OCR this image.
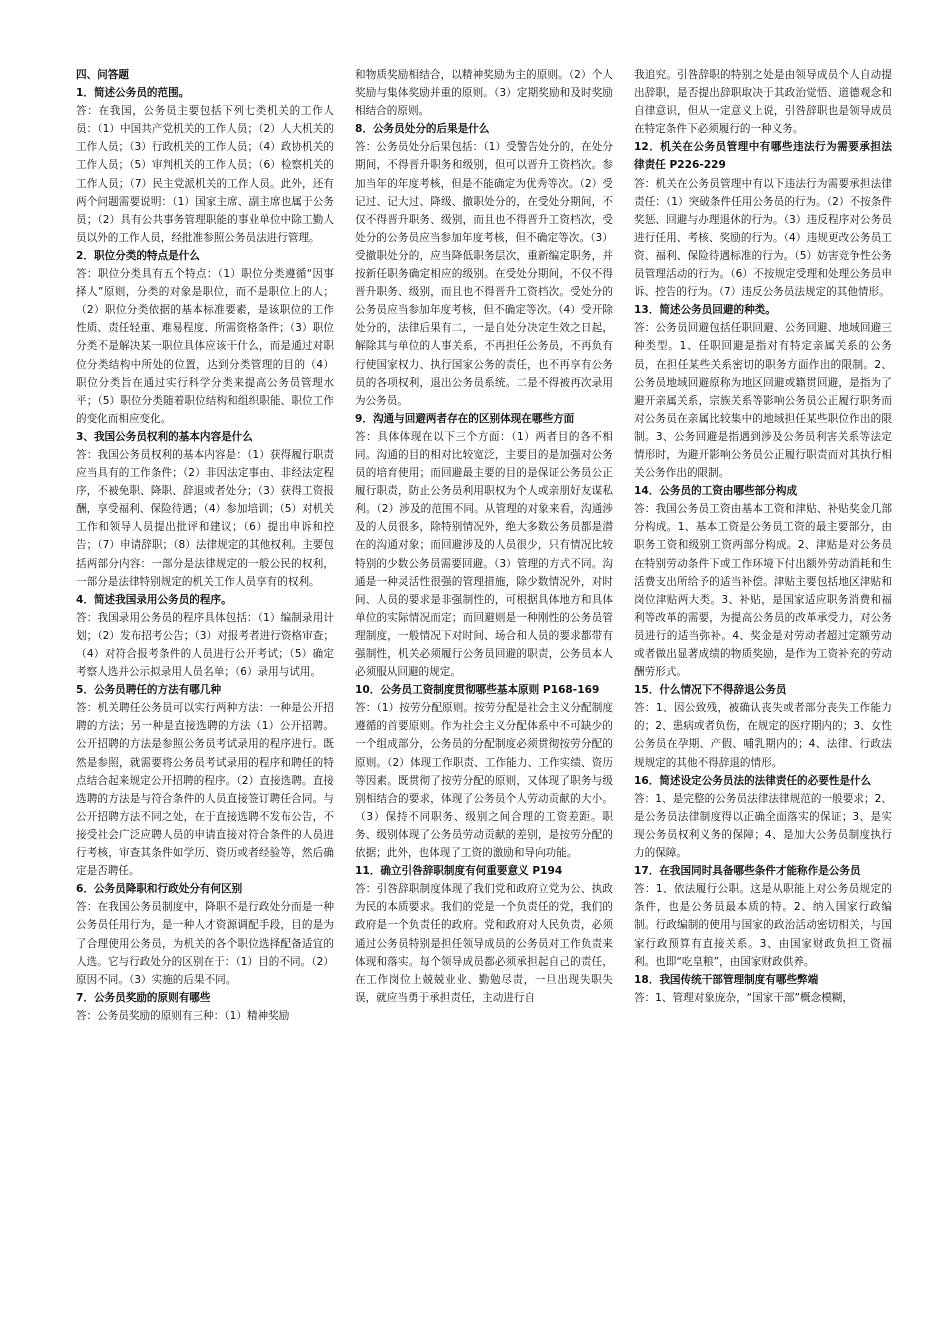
四、问答题

1．简述公务员的范围。

答：在我国，公务员主要包括下列七类机关的工作人员：（1）中国共产党机关的工作人员；（2）人大机关的工作人员；（3）行政机关的工作人员；（4）政协机关的工作人员；（5）审判机关的工作人员；（6）检察机关的工作人员；（7）民主党派机关的工作人员。此外，还有两个问题需要说明：（1）国家主席、副主席也属于公务员；（2）具有公共事务管理职能的事业单位中除工勤人员以外的工作人员，经批准参照公务员法进行管理。

2．职位分类的特点是什么

答：职位分类具有五个特点：（1）职位分类遵循“因事择人”原则，分类的对象是职位，而不是职位上的人；（2）职位分类依据的基本标准要素，是该职位的工作性质、责任轻重、难易程度、所需资格条件；（3）职位分类不是解决某一职位具体应该干什么，而是通过对职位分类结构中所处的位置，达到分类管理的目的（4）职位分类旨在通过实行科学分类来提高公务员管理水平；（5）职位分类随着职位结构和组织职能、职位工作的变化而相应变化。

3、我国公务员权利的基本内容是什么

答：我国公务员权利的基本内容是：（1）获得履行职责应当具有的工作条件；（2）非因法定事由、非经法定程序，不被免职、降职、辞退或者处分；（3）获得工资报酬，享受福利、保险待遇；（4）参加培训；（5）对机关工作和领导人员提出批评和建议；（6）提出申诉和控告；（7）申请辞职；（8）法律规定的其他权利。主要包括两部分内容：一部分是法律规定的一般公民的权利，一部分是法律特别规定的机关工作人员享有的权利。

4．简述我国录用公务员的程序。

答：我国录用公务员的程序具体包括：（1）编制录用计划；（2）发布招考公告；（3）对报考者进行资格审查；（4）对符合报考条件的人员进行公开考试；（5）确定考察人选并公示拟录用人员名单；（6）录用与试用。

5．公务员聘任的方法有哪几种

答：机关聘任公务员可以实行两种方法：一种是公开招聘的方法；另一种是直接选聘的方法（1）公开招聘。公开招聘的方法是参照公务员考试录用的程序进行。既然是参照，就需要将公务员考试录用的程序和聘任的特点结合起来规定公开招聘的程序。（2）直接选聘。直接选聘的方法是与符合条件的人员直接签订聘任合同。与公开招聘方法不同之处，在于直接选聘不发布公告，不接受社会广泛应聘人员的申请直接对符合条件的人员进行考核，审查其条件如学历、资历或者经验等，然后确定是否聘任。

6．公务员降职和行政处分有何区别

答：在我国公务员制度中，降职不是行政处分而是一种公务员任用行为，是一种人才资源调配手段，目的是为了合理使用公务员，为机关的各个职位选择配备适宜的人选。它与行政处分的区别在于：（1）目的不同。（2）原因不同。（3）实施的后果不同。

7．公务员奖励的原则有哪些

答：公务员奖励的原则有三种：（1）精神奖励

和物质奖励相结合，以精神奖励为主的原则。（2）个人奖励与集体奖励并重的原则。（3）定期奖励和及时奖励相结合的原则。

8．公务员处分的后果是什么

答：公务员处分后果包括：（1）受警告处分的，在处分期间，不得晋升职务和级别，但可以晋升工资档次。参加当年的年度考核，但是不能确定为优秀等次。（2）受记过、记大过、降级、撤职处分的，在受处分期间，不仅不得晋升职务、级别，而且也不得晋升工资档次，受处分的公务员应当参加年度考核，但不确定等次。（3）受撤职处分的，应当降低职务层次，重新编定职务，并按新任职务确定相应的级别。在受处分期间，不仅不得晋升职务、级别，而且也不得晋升工资档次。受处分的公务员应当参加年度考核，但不确定等次。（4）受开除处分的，法律后果有二，一是自处分决定生效之日起，解除其与单位的人事关系，不再担任公务员，不再负有行使国家权力、执行国家公务的责任，也不再享有公务员的各项权利，退出公务员系统。二是不得被再次录用为公务员。

9．沟通与回避两者存在的区别体现在哪些方面

答：具体体现在以下三个方面：（1）两者目的各不相同。沟通的目的相对比较宽泛，主要目的是加强对公务员的培育使用；而回避最主要的目的是保证公务员公正履行职责，防止公务员利用职权为个人或亲朋好友谋私利。（2）涉及的范围不同。从管理的对象来看，沟通涉及的人员很多，除特别情况外，绝大多数公务员都是潜在的沟通对象；而回避涉及的人员很少，只有情况比较特别的少数公务员需要回避。（3）管理的方式不同。沟通是一种灵活性很强的管理措施，除少数情况外，对时间、人员的要求是非强制性的，可根据具体地方和具体单位的实际情况而定；而回避则是一种刚性的公务员管理制度，一般情况下对时间、场合和人员的要求都带有强制性，机关必须履行公务员回避的职责，公务员本人必须服从回避的规定。

10．公务员工资制度贯彻哪些基本原则 P168-169

答：（1）按劳分配原则。按劳分配是社会主义分配制度遵循的首要原则。作为社会主义分配体系中不可缺少的一个组成部分，公务员的分配制度必须贯彻按劳分配的原则。（2）体现工作职责、工作能力、工作实绩、资历等因素。既贯彻了按劳分配的原则，又体现了职务与级别相结合的要求，体现了公务员个人劳动贡献的大小。（3）保持不同职务、级别之间合理的工资差距。职务、级别体现了公务员劳动贡献的差别，是按劳分配的依据；此外，也体现了工资的激励和导向功能。

11．确立引咎辞职制度有何重要意义 P194

答：引咎辞职制度体现了我们党和政府立党为公、执政为民的本质要求。我们的党是一个负责任的党，我们的政府是一个负责任的政府。党和政府对人民负责，必须通过公务员特别是担任领导成员的公务员对工作负责来体现和落实。每个领导成员都必须承担起自己的责任，在工作岗位上兢兢业业、勤勉尽责，一旦出现失职失误，就应当勇于承担责任，主动进行自

我追究。引咎辞职的特别之处是由领导成员个人自动提出辞职，是否提出辞职取决于其政治觉悟、道德观念和自律意识，但从一定意义上说，引咎辞职也是领导成员在特定条件下必须履行的一种义务。

12．机关在公务员管理中有哪些违法行为需要承担法律责任 P226-229

答：机关在公务员管理中有以下违法行为需要承担法律责任：（1）突破条件任用公务员的行为。（2）不按条件奖惩、回避与办理退休的行为。（3）违反程序对公务员进行任用、考核、奖励的行为。（4）违规更改公务员工资、福利、保险待遇标准的行为。（5）妨害竞争性公务员管理活动的行为。（6）不按规定受理和处理公务员申诉、控告的行为。（7）违反公务员法规定的其他情形。

13．简述公务员回避的种类。

答：公务员回避包括任职回避、公务回避、地域回避三种类型。1、任职回避是指对有特定亲属关系的公务员，在担任某些关系密切的职务方面作出的限制。2、公务员地域回避原称为地区回避或籍贯回避，是指为了避开亲属关系，宗族关系等影响公务员公正履行职务而对公务员在亲属比较集中的地域担任某些职位作出的限制。3、公务回避是指遇到涉及公务员利害关系等法定情形时，为避开影响公务员公正履行职责而对其执行相关公务作出的限制。

14．公务员的工资由哪些部分构成

答：我国公务员工资由基本工资和津贴、补贴奖金几部分构成。1、基本工资是公务员工资的最主要部分，由职务工资和级别工资两部分构成。2、津贴是对公务员在特别劳动条件下或工作环境下付出额外劳动消耗和生活费支出所给予的适当补偿。津贴主要包括地区津贴和岗位津贴两大类。3、补贴，是国家适应职务消费和福利等改革的需要，为提高公务员的改革承受力，对公务员进行的适当弥补。4、奖金是对劳动者超过定额劳动或者做出显著成绩的物质奖励，是作为工资补充的劳动酬劳形式。

15．什么情况下不得辞退公务员

答：1、因公致残，被确认丧失或者部分丧失工作能力的；2、患病或者负伤，在规定的医疗期内的；3、女性公务员在孕期、产假、哺乳期内的；4、法律、行政法规规定的其他不得辞退的情形。

16．简述设定公务员法的法律责任的必要性是什么

答：1、是完整的公务员法律法律规范的一般要求；2、是公务员法律制度得以正确全面落实的保证；3、是实现公务员权利义务的保障；4、是加大公务员制度执行力的保障。

17．在我国同时具备哪些条件才能称作是公务员

答：1、依法履行公职。这是从职能上对公务员规定的条件，也是公务员最本质的特。2、纳入国家行政编制。行政编制的使用与国家的政治活动密切相关，与国家行政预算有直接关系。3、由国家财政负担工资福利。也即“吃皇粮”，由国家财政供养。

18．我国传统干部管理制度有哪些弊端

答：1、管理对象庞杂，“国家干部”概念模糊，
